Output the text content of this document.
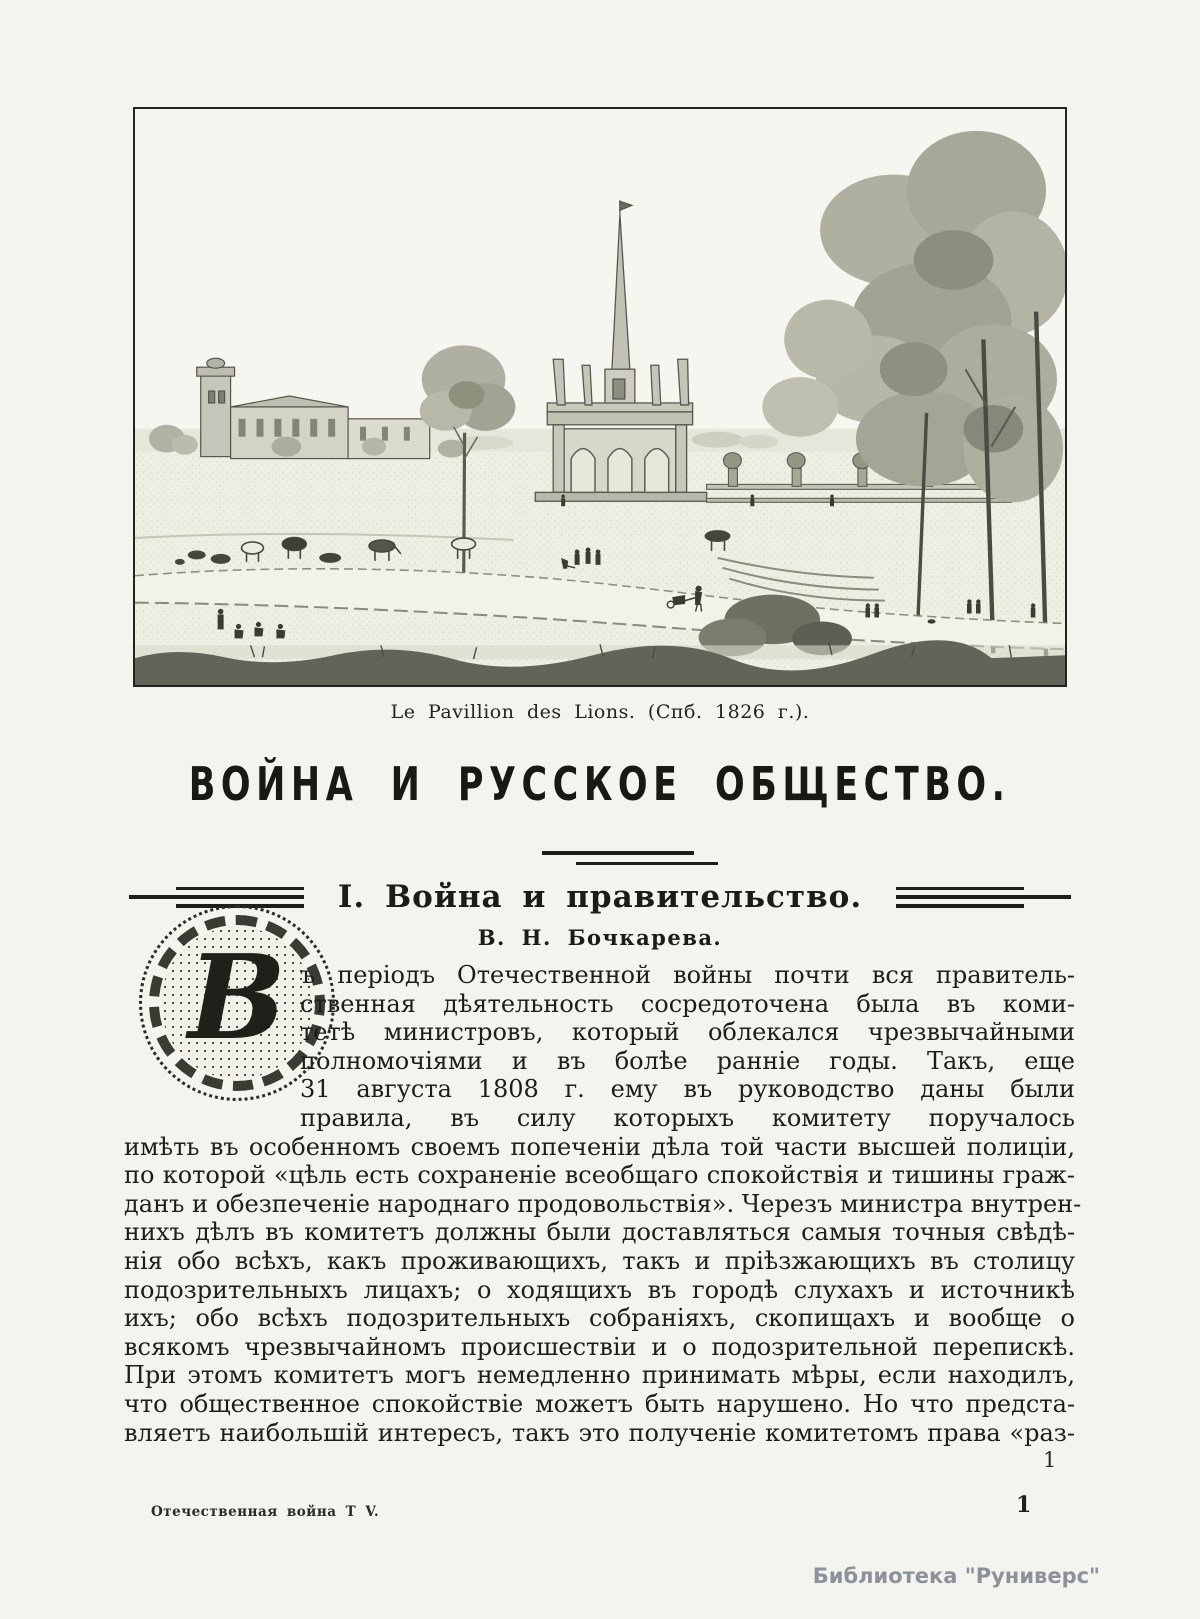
Le Pavillion des Lions. (Спб. 1826 г.).
ВОЙНА И РУССКОЕ ОБЩЕСТВО.
I. Война и правительство.
В. Н. Бочкарева.
В ъ періодъ Отечественной войны почти вся правитель-
ственная дѣятельность сосредоточена была въ коми-
тетѣ министровъ, который облекался чрезвычайными
полномочіями и въ болѣе ранніе годы. Такъ, еще
31 августа 1808 г. ему въ руководство даны были
правила, въ силу которыхъ комитету поручалось
имѣть въ особенномъ своемъ попеченіи дѣла той части высшей полиціи,
по которой «цѣль есть сохраненіе всеобщаго спокойствія и тишины граж-
данъ и обезпеченіе народнаго продовольствія». Черезъ министра внутрен-
нихъ дѣлъ въ комитетъ должны были доставляться самыя точныя свѣдѣ-
нія обо всѣхъ, какъ проживающихъ, такъ и пріѣзжающихъ въ столицу
подозрительныхъ лицахъ; о ходящихъ въ городѣ слухахъ и источникѣ
ихъ; обо всѣхъ подозрительныхъ собраніяхъ, скопищахъ и вообще о
всякомъ чрезвычайномъ происшествіи и о подозрительной перепискѣ.
При этомъ комитетъ могъ немедленно принимать мѣры, если находилъ,
что общественное спокойствіе можетъ быть нарушено. Но что предста-
вляетъ наибольшій интересъ, такъ это полученіе комитетомъ права «раз-
1
Отечественная война Т V.	1
Библиотека "Руниверс"
